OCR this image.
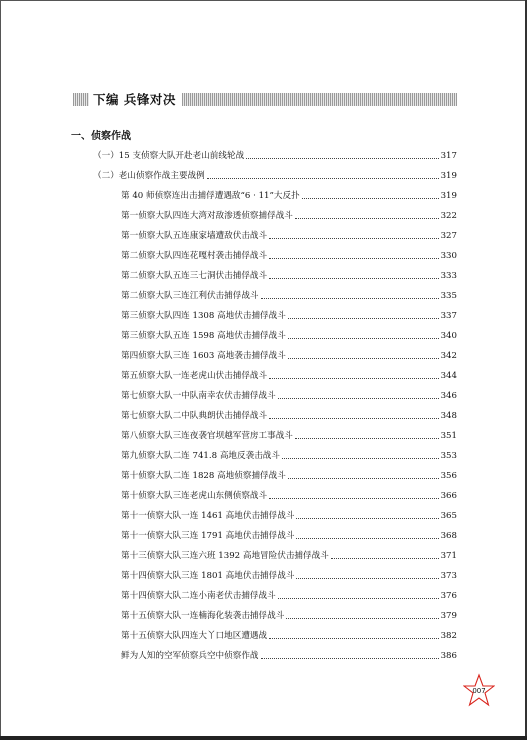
下编 兵锋对决
一、侦察作战
（一）15 支侦察大队开赴老山前线轮战	317
（二）老山侦察作战主要战例	319
第 40 师侦察连出击捕俘遭遇敌“6 · 11”大反扑	319
第一侦察大队四连大湾对敌渗透侦察捕俘战斗	322
第一侦察大队五连康家墙遭敌伏击战斗	327
第二侦察大队四连花嘎村袭击捕俘战斗	330
第二侦察大队五连三七洞伏击捕俘战斗	333
第二侦察大队三连江利伏击捕俘战斗	335
第三侦察大队四连 1308 高地伏击捕俘战斗	337
第三侦察大队五连 1598 高地伏击捕俘战斗	340
第四侦察大队三连 1603 高地袭击捕俘战斗	342
第五侦察大队一连老虎山伏击捕俘战斗	344
第七侦察大队一中队南幸农伏击捕俘战斗	346
第七侦察大队二中队典朗伏击捕俘战斗	348
第八侦察大队三连夜袭官坝越军营房工事战斗	351
第九侦察大队二连 741.8 高地反袭击战斗	353
第十侦察大队二连 1828 高地侦察捕俘战斗	356
第十侦察大队三连老虎山东侧侦察战斗	366
第十一侦察大队一连 1461 高地伏击捕俘战斗	365
第十一侦察大队三连 1791 高地伏击捕俘战斗	368
第十三侦察大队三连六班 1392 高地冒险伏击捕俘战斗	371
第十四侦察大队三连 1801 高地伏击捕俘战斗	373
第十四侦察大队二连小南老伏击捕俘战斗	376
第十五侦察大队一连楠海化装袭击捕俘战斗	379
第十五侦察大队四连大丫口地区遭遇战	382
鲜为人知的空军侦察兵空中侦察作战	386
007
